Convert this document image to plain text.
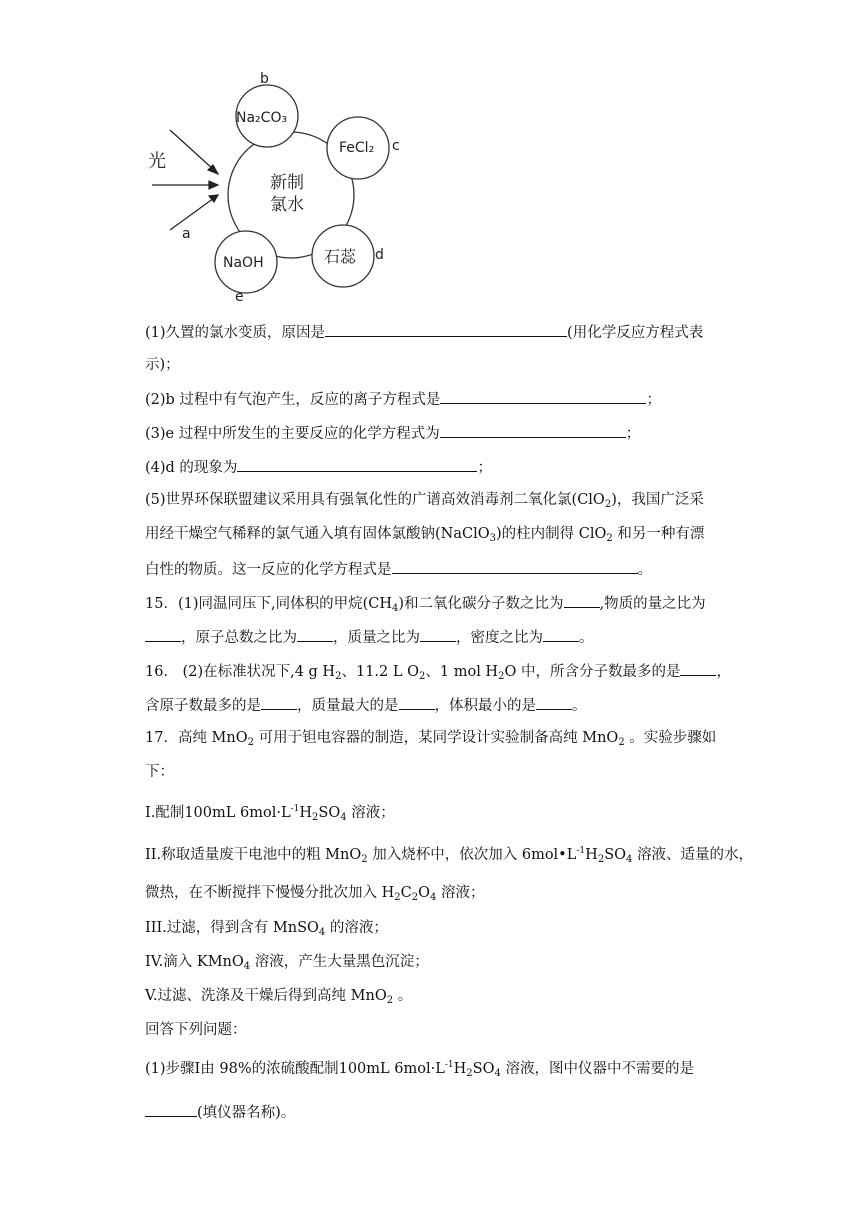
新制
氯水
Na₂CO₃
b
FeCl₂ c
石蕊 d
NaOH
e
光
a
(1)久置的氯水变质，原因是	(用化学反应方程式表
示)；
(2)b 过程中有气泡产生，反应的离子方程式是	；
(3)e 过程中所发生的主要反应的化学方程式为	；
(4)d 的现象为	；
(5)世界环保联盟建议采用具有强氧化性的广谱高效消毒剂二氧化氯(ClO$_2$)，我国广泛采
用经干燥空气稀释的氯气通入填有固体氯酸钠(NaClO$_3$)的柱内制得 ClO$_2$ 和另一种有漂
白性的物质。这一反应的化学方程式是	。
15．(1)同温同压下,同体积的甲烷$(CH_4)$和二氧化碳分子数之比为 ,物质的量之比为
，原子总数之比为 ，质量之比为 ，密度之比为 。
16． (2)在标准状况下,4 g $H_2$、11.2 L $O_2$、1 mol $H_2O$ 中，所含分子数最多的是 ，
含原子数最多的是 ，质量最大的是 ，体积最小的是 。
17．高纯 MnO$_2$ 可用于钽电容器的制造，某同学设计实验制备高纯 MnO$_2$ 。实验步骤如
下：
I.配制100mL $6mol\cdot L^{-1}H_2SO_4$ 溶液；
II.称取适量废干电池中的粗 MnO$_2$ 加入烧杯中，依次加入 $6mol•L^{-1}H_2SO_4$ 溶液、适量的水，
微热，在不断搅拌下慢慢分批次加入 $H_2C_2O_4$ 溶液；
III.过滤，得到含有 MnSO$_4$ 的溶液；
IV.滴入 KMnO$_4$ 溶液，产生大量黑色沉淀；
V.过滤、洗涤及干燥后得到高纯 MnO$_2$ 。
回答下列问题：
(1)步骤I由 98%的浓硫酸配制100mL $6mol\cdot L^{-1}H_2SO_4$ 溶液，图中仪器中不需要的是
(填仪器名称)。
